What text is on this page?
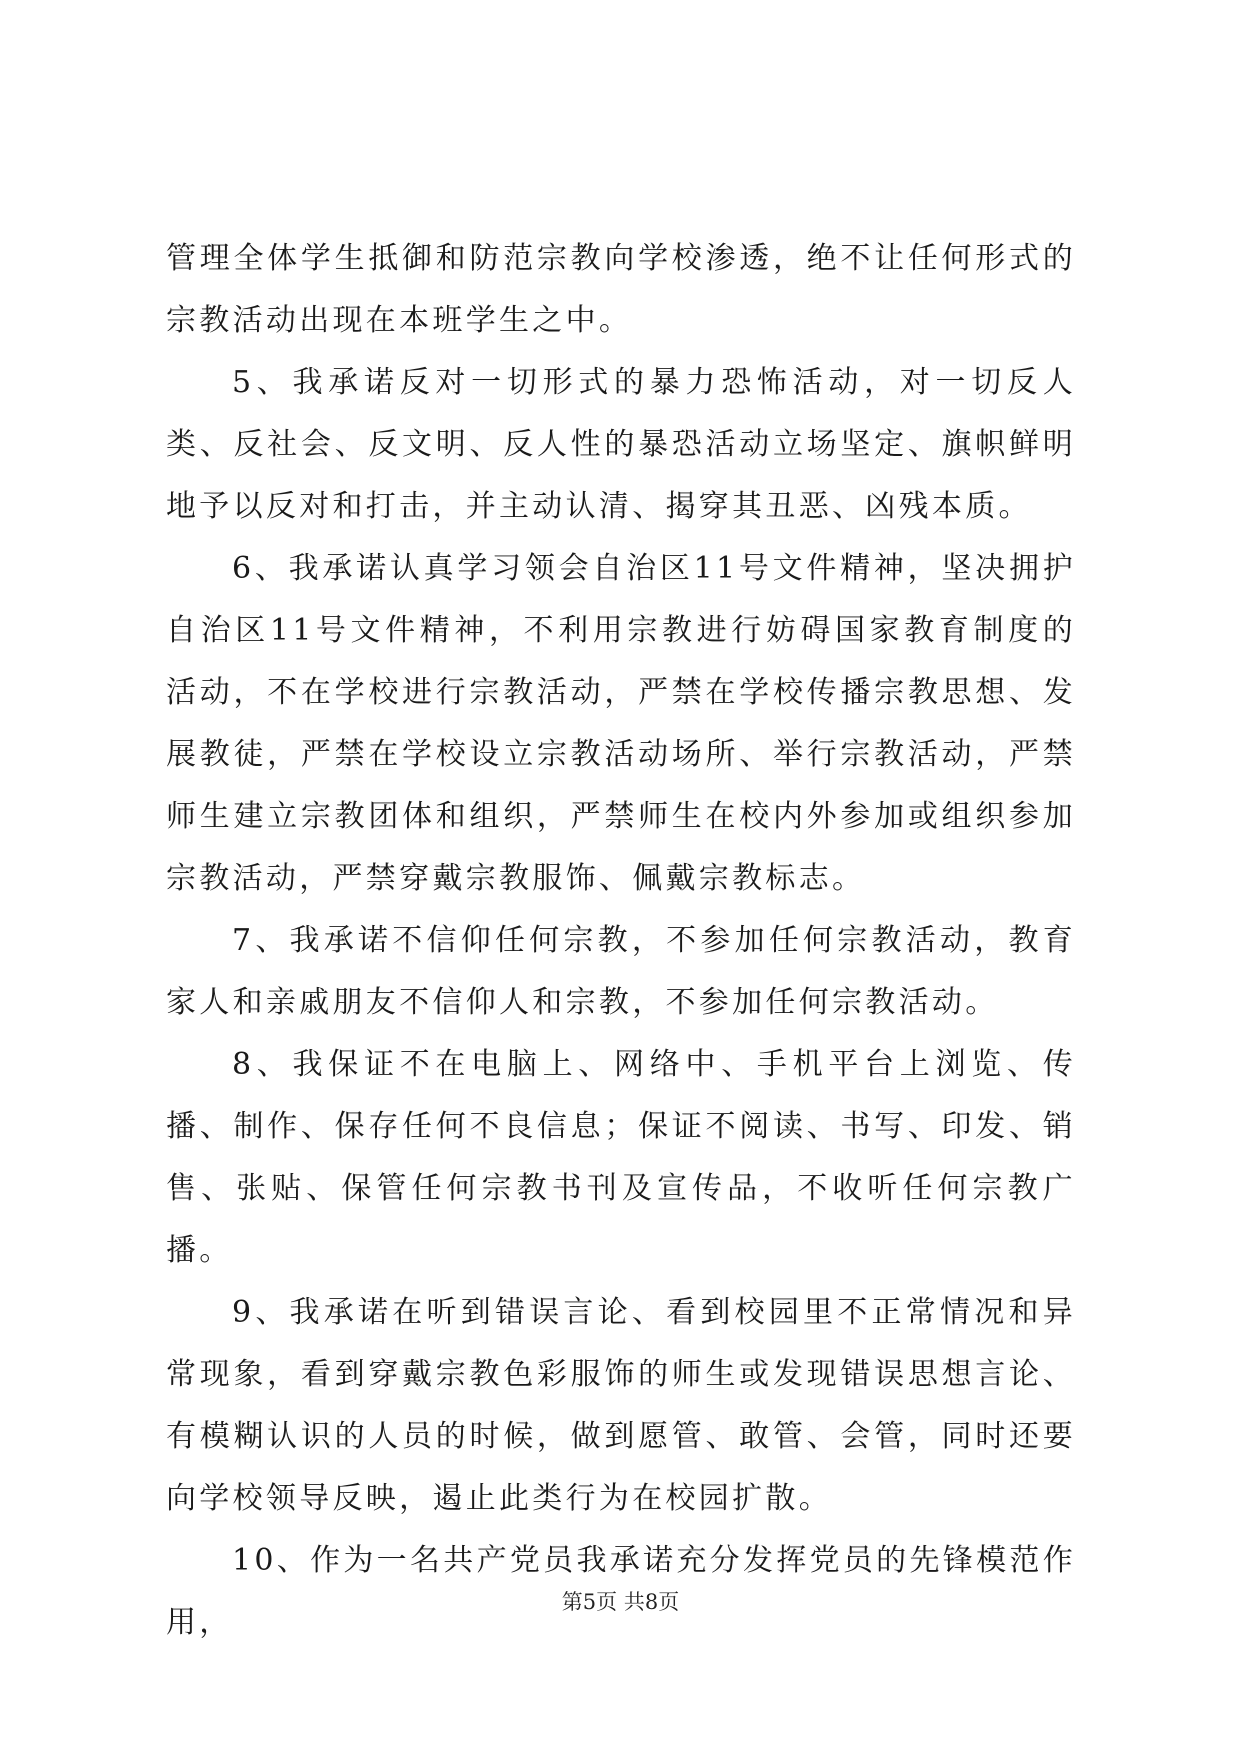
管理全体学生抵御和防范宗教向学校渗透，绝不让任何形式的宗教活动出现在本班学生之中。

5、我承诺反对一切形式的暴力恐怖活动，对一切反人类、反社会、反文明、反人性的暴恐活动立场坚定、旗帜鲜明地予以反对和打击，并主动认清、揭穿其丑恶、凶残本质。

6、我承诺认真学习领会自治区11号文件精神，坚决拥护自治区11号文件精神，不利用宗教进行妨碍国家教育制度的活动，不在学校进行宗教活动，严禁在学校传播宗教思想、发展教徒，严禁在学校设立宗教活动场所、举行宗教活动，严禁师生建立宗教团体和组织，严禁师生在校内外参加或组织参加宗教活动，严禁穿戴宗教服饰、佩戴宗教标志。

7、我承诺不信仰任何宗教，不参加任何宗教活动，教育家人和亲戚朋友不信仰人和宗教，不参加任何宗教活动。

8、我保证不在电脑上、网络中、手机平台上浏览、传播、制作、保存任何不良信息；保证不阅读、书写、印发、销售、张贴、保管任何宗教书刊及宣传品，不收听任何宗教广播。

9、我承诺在听到错误言论、看到校园里不正常情况和异常现象，看到穿戴宗教色彩服饰的师生或发现错误思想言论、有模糊认识的人员的时候，做到愿管、敢管、会管，同时还要向学校领导反映，遏止此类行为在校园扩散。

10、作为一名共产党员我承诺充分发挥党员的先锋模范作用，

第5页 共8页
